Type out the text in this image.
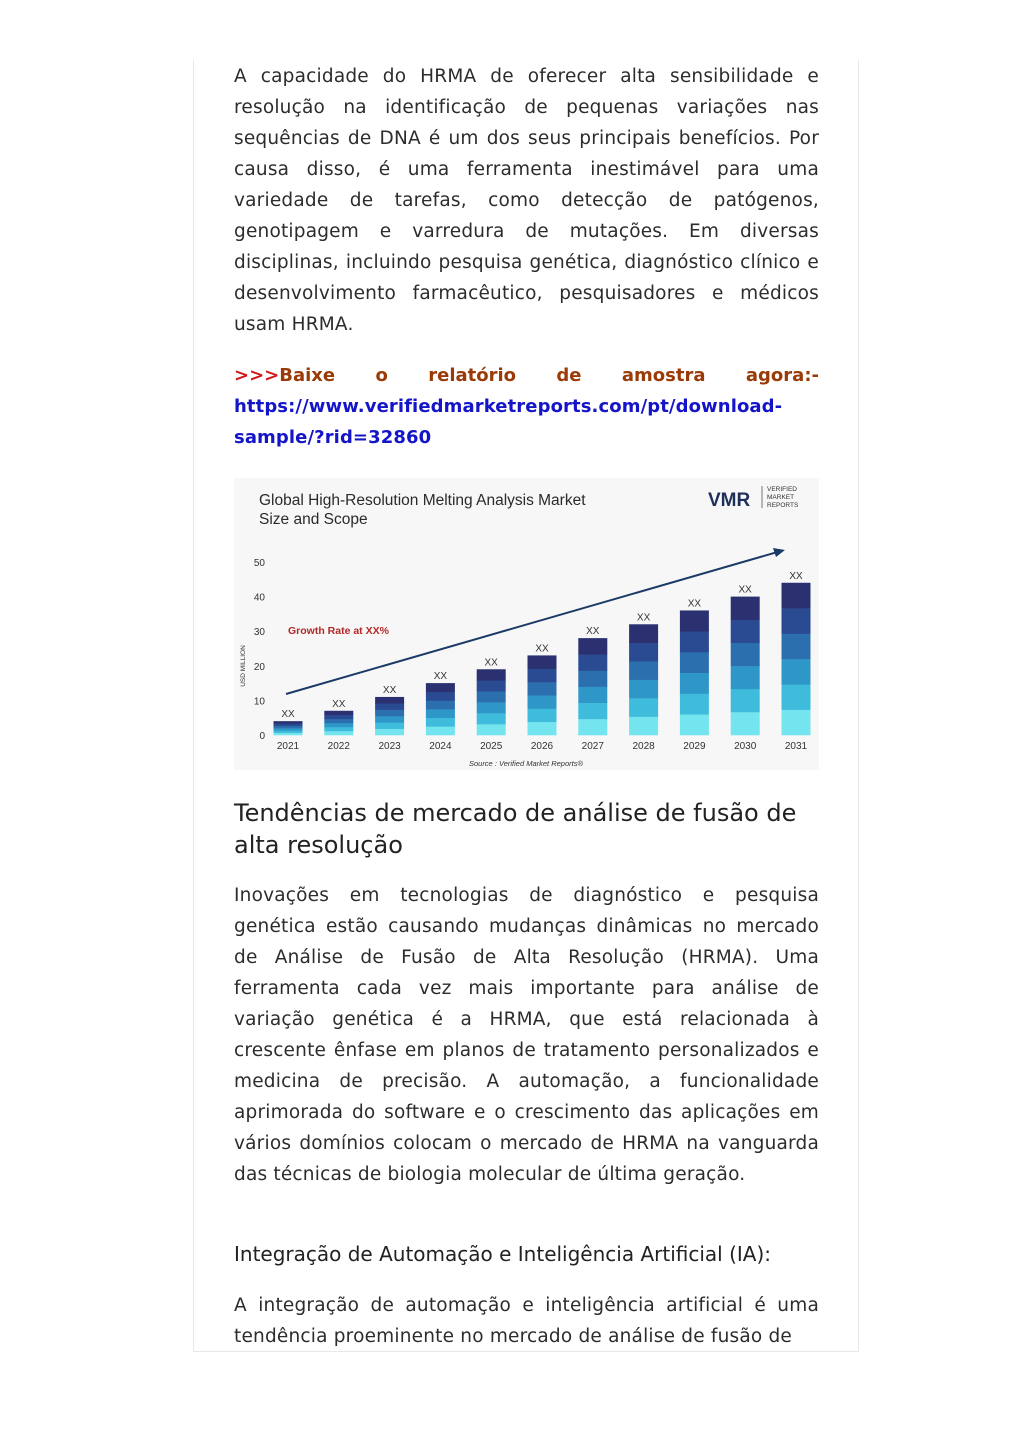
A capacidade do HRMA de oferecer alta sensibilidade e resolução na identificação de pequenas variações nas sequências de DNA é um dos seus principais benefícios. Por causa disso, é uma ferramenta inestimável para uma variedade de tarefas, como detecção de patógenos, genotipagem e varredura de mutações. Em diversas disciplinas, incluindo pesquisa genética, diagnóstico clínico e desenvolvimento farmacêutico, pesquisadores e médicos usam HRMA.

>>>Baixe o relatório de amostra agora:-
https://www.verifiedmarketreports.com/pt/download-sample/?rid=32860
Global High-Resolution Melting Analysis Market
Size and Scope
VMR
VERIFIED
MARKET
REPORTS
USD MILLION
0
10
20
30
40
50
2021	2022	2023	2024	2025	2026	2027	2028	2029	2030	2031
XX
XX
XX
XX
XX
XX
XX
XX
XX
XX
XX
Growth Rate at XX%
Source : Verified Market Reports®
Tendências de mercado de análise de fusão de alta resolução

Inovações em tecnologias de diagnóstico e pesquisa genética estão causando mudanças dinâmicas no mercado de Análise de Fusão de Alta Resolução (HRMA). Uma ferramenta cada vez mais importante para análise de variação genética é a HRMA, que está relacionada à crescente ênfase em planos de tratamento personalizados e medicina de precisão. A automação, a funcionalidade aprimorada do software e o crescimento das aplicações em vários domínios colocam o mercado de HRMA na vanguarda das técnicas de biologia molecular de última geração.

Integração de Automação e Inteligência Artificial (IA):

A integração de automação e inteligência artificial é uma tendência proeminente no mercado de análise de fusão de
